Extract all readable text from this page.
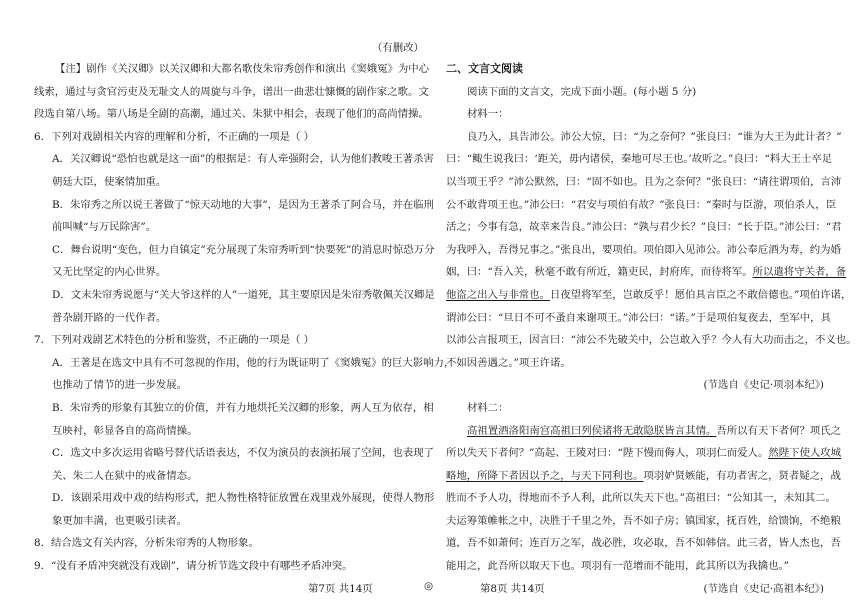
（有删改）
【注】剧作《关汉卿》以关汉卿和大都名歌伎朱帘秀创作和演出《窦娥冤》为中心
线索，通过与贪官污吏及无耻文人的周旋与斗争，谱出一曲悲壮慷慨的剧作家之歌。文
段选自第八场。第八场是全剧的高潮，通过关、朱狱中相会，表现了他们的高尚情操。
6．下列对戏剧相关内容的理解和分析，不正确的一项是（ ）
A．关汉卿说“恐怕也就是这一面”的根据是：有人牵强附会，认为他们教唆王著杀害
朝廷大臣，使案情加重。
B．朱帘秀之所以说王著做了“惊天动地的大事”，是因为王著杀了阿合马，并在临刑
前叫喊“与万民除害”。
C．舞台说明“变色，但力自镇定”充分展现了朱帘秀听到“快要死”的消息时惊恐万分
又无比坚定的内心世界。
D．文末朱帘秀说愿与“关大爷这样的人”一道死，其主要原因是朱帘秀敬佩关汉卿是
普杂剧开路的一代作者。
7．下列对戏剧艺术特色的分析和鉴赏，不正确的一项是（ ）
A．王著是在选文中具有不可忽视的作用，他的行为既证明了《窦娥冤》的巨大影响力，
也推动了情节的进一步发展。
B．朱帘秀的形象有其独立的价值，并有力地烘托关汉卿的形象，两人互为依存，相
互映衬，彰显各自的高尚情操。
C．选文中多次运用省略号替代话语表达，不仅为演员的表演拓展了空间，也表现了
关、朱二人在狱中的戒备情态。
D．该剧采用戏中戏的结构形式，把人物性格特征放置在戏里戏外展现，使得人物形
象更加丰满，也更吸引读者。
8．结合选文有关内容，分析朱帘秀的人物形象。
9．“没有矛盾冲突就没有戏剧”，请分析节选文段中有哪些矛盾冲突。
二、文言文阅读
阅读下面的文言文，完成下面小题。(每小题 5 分)
材料一：
良乃入，具告沛公。沛公大惊，曰：“为之奈何？”张良曰：“谁为大王为此计者？”
曰：“鲰生说我曰：‘距关，毋内诸侯，秦地可尽王也。’故听之。”良曰：“料大王士卒足
以当项王乎？”沛公默然，曰：“固不如也。且为之奈何？”张良曰：“请往谓项伯，言沛
公不敢背项王也。”沛公曰：“君安与项伯有故？”张良曰：“秦时与臣游，项伯杀人，臣
活之；今事有急，故幸来告良。”沛公曰：“孰与君少长？”良曰：“长于臣。”沛公曰：“君
为我呼入，吾得兄事之。”张良出，要项伯。项伯即入见沛公。沛公奉卮酒为寿，约为婚
姻，曰：“吾入关，秋毫不敢有所近，籍吏民，封府库，而待将军。所以遣将守关者，备
他盗之出入与非常也。日夜望将军至，岂敢反乎！愿伯具言臣之不敢倍德也。”项伯许诺，
谓沛公曰：“旦日不可不蚤自来谢项王。”沛公曰：“诺。”于是项伯复夜去，至军中，具
以沛公言报项王，因言曰：“沛公不先破关中，公岂敢入乎？今人有大功而击之，不义也。
不如因善遇之。”项王许诺。
(节选自《史记·项羽本纪》)
材料二：
高祖置酒洛阳南宫高祖曰列侯诸将无敢隐朕皆言其情。吾所以有天下者何？项氏之
所以失天下者何？”高起、王陵对曰：“陛下慢而侮人，项羽仁而爱人。然陛下使人攻城
略地，所降下者因以予之，与天下同利也。项羽妒贤嫉能，有功者害之，贤者疑之，战
胜而不予人功，得地而不予人利，此所以失天下也。”高祖曰：“公知其一，未知其二。
夫运筹策帷帐之中，决胜于千里之外，吾不如子房；镇国家，抚百姓，给馈饷，不绝粮
道，吾不如萧何；连百万之军，战必胜，攻必取，吾不如韩信。此三者，皆人杰也，吾
能用之，此吾所以取天下也。项羽有一范增而不能用，此其所以为我擒也。”
(节选自《史记·高祖本纪》)
第7页 共14页	◎	第8页 共14页
